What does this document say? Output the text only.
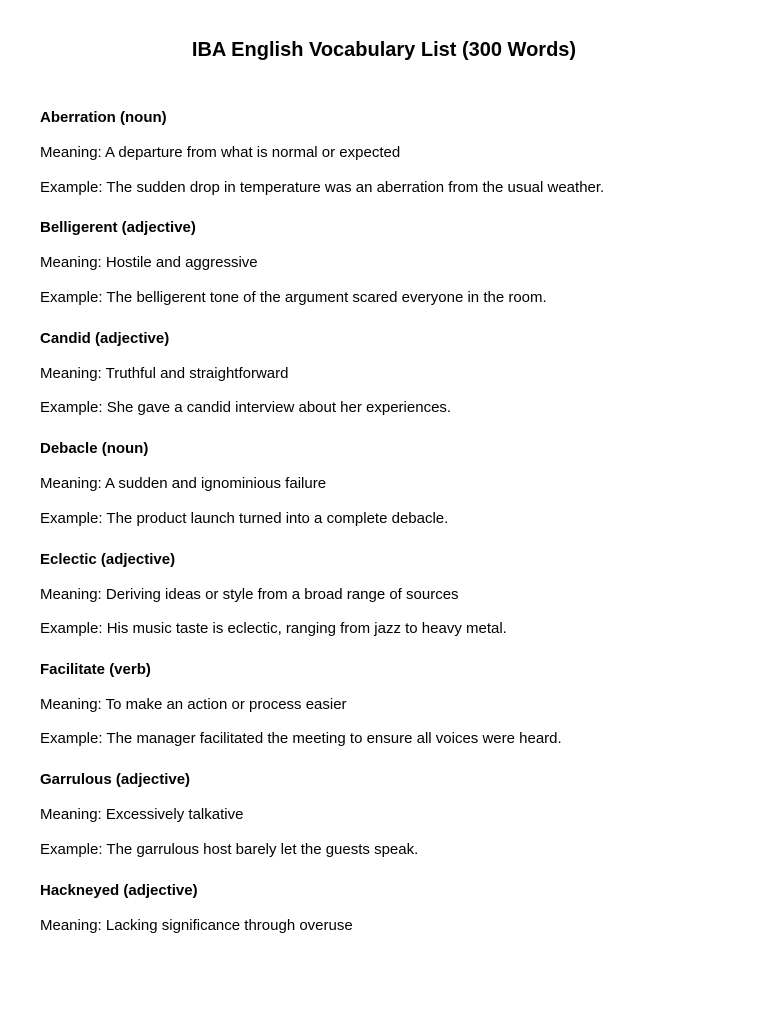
IBA English Vocabulary List (300 Words)
Aberration (noun)
Meaning: A departure from what is normal or expected
Example: The sudden drop in temperature was an aberration from the usual weather.
Belligerent (adjective)
Meaning: Hostile and aggressive
Example: The belligerent tone of the argument scared everyone in the room.
Candid (adjective)
Meaning: Truthful and straightforward
Example: She gave a candid interview about her experiences.
Debacle (noun)
Meaning: A sudden and ignominious failure
Example: The product launch turned into a complete debacle.
Eclectic (adjective)
Meaning: Deriving ideas or style from a broad range of sources
Example: His music taste is eclectic, ranging from jazz to heavy metal.
Facilitate (verb)
Meaning: To make an action or process easier
Example: The manager facilitated the meeting to ensure all voices were heard.
Garrulous (adjective)
Meaning: Excessively talkative
Example: The garrulous host barely let the guests speak.
Hackneyed (adjective)
Meaning: Lacking significance through overuse
